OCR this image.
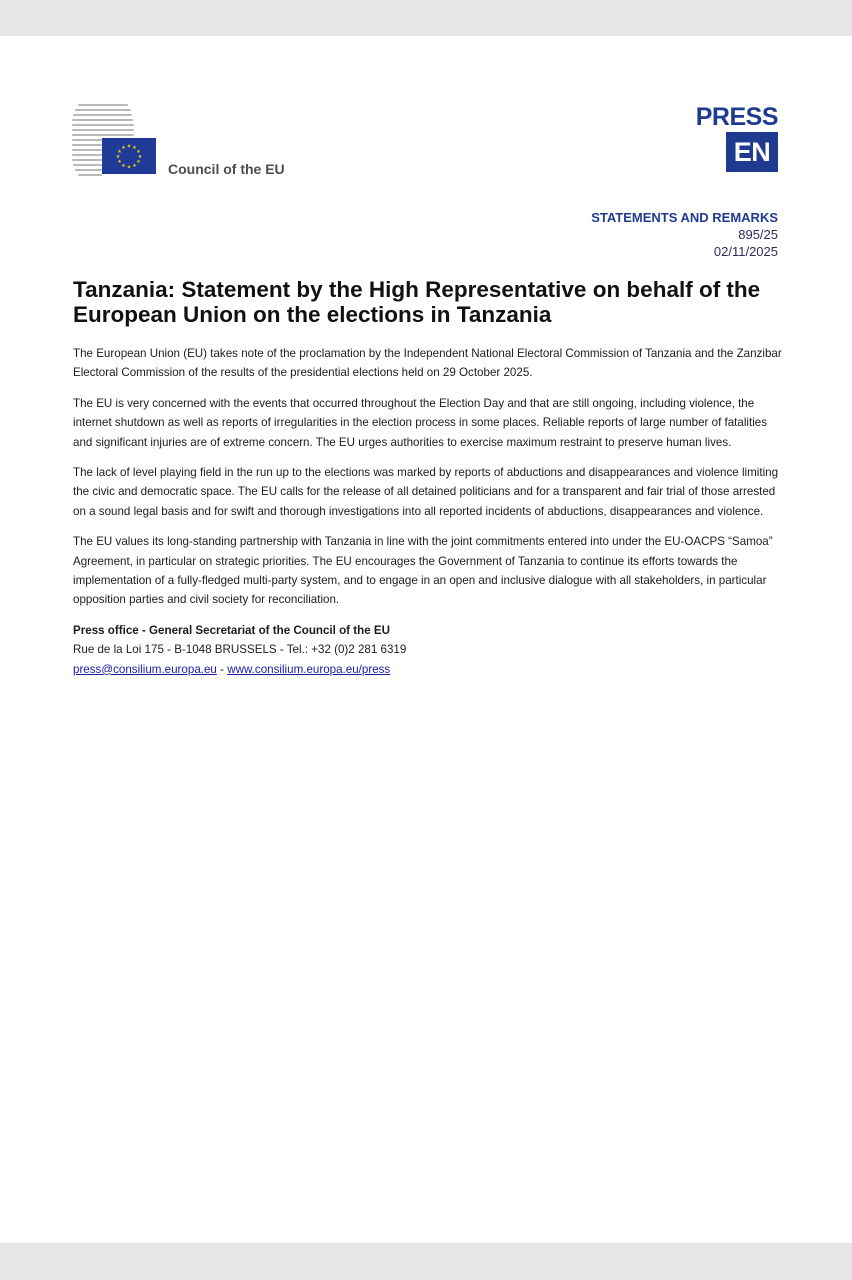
★ ★
★
★
★
★
★
★
★
★
★
★
Council of the EU
PRESS
EN
STATEMENTS AND REMARKS
895/25
02/11/2025
Tanzania: Statement by the High Representative on behalf of the European Union on the elections in Tanzania

The European Union (EU) takes note of the proclamation by the Independent National Electoral Commission of Tanzania and the Zanzibar Electoral Commission of the results of the presidential elections held on 29 October 2025.

The EU is very concerned with the events that occurred throughout the Election Day and that are still ongoing, including violence, the internet shutdown as well as reports of irregularities in the election process in some places. Reliable reports of large number of fatalities and significant injuries are of extreme concern. The EU urges authorities to exercise maximum restraint to preserve human lives.

The lack of level playing field in the run up to the elections was marked by reports of abductions and disappearances and violence limiting the civic and democratic space. The EU calls for the release of all detained politicians and for a transparent and fair trial of those arrested on a sound legal basis and for swift and thorough investigations into all reported incidents of abductions, disappearances and violence.

The EU values its long-standing partnership with Tanzania in line with the joint commitments entered into under the EU-OACPS “Samoa” Agreement, in particular on strategic priorities. The EU encourages the Government of Tanzania to continue its efforts towards the implementation of a fully-fledged multi-party system, and to engage in an open and inclusive dialogue with all stakeholders, in particular opposition parties and civil society for reconciliation.

Press office - General Secretariat of the Council of the EU
Rue de la Loi 175 - B-1048 BRUSSELS - Tel.: +32 (0)2 281 6319
press@consilium.europa.eu - www.consilium.europa.eu/press
